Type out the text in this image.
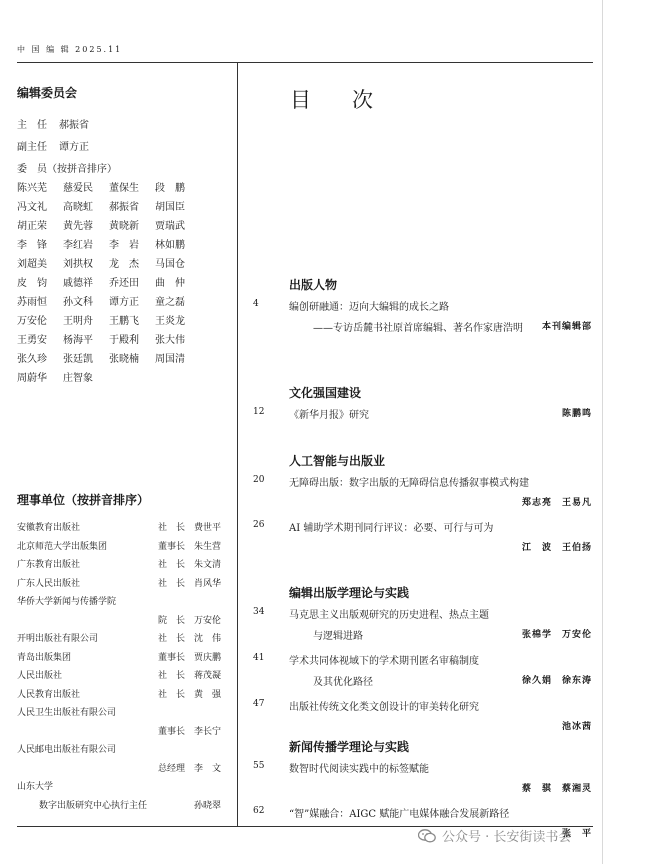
中 国 编 辑 2025.11
编辑委员会
主　任	郝振省
副主任	谭方正
委　员（按拼音排序）
陈兴芜	慈爱民	董保生	段　鹏
冯文礼	高晓虹	郝振省	胡国臣
胡正荣	黄先蓉	黄晓新	贾瑞武
李　锋	李红岩	李　岩	林如鹏
刘超美	刘拱权	龙　杰	马国仓
皮　钧	戚德祥	乔还田	曲　仲
苏雨恒	孙文科	谭方正	童之磊
万安伦	王明舟	王鹏飞	王炎龙
王勇安	杨海平	于殿利	张大伟
张久珍	张廷凯	张晓楠	周国清
周蔚华	庄智象
理事单位（按拼音排序）
安徽教育出版社	社　长 费世平
北京师范大学出版集团	董事长 朱生营
广东教育出版社	社　长 朱文清
广东人民出版社	社　长 肖风华
华侨大学新闻与传播学院
院　长 万安伦
开明出版社有限公司	社　长 沈　伟
青岛出版集团	董事长 贾庆鹏
人民出版社	社　长 蒋茂凝
人民教育出版社	社　长 黄　强
人民卫生出版社有限公司
董事长 李长宁
人民邮电出版社有限公司
总经理 李　文
山东大学
数字出版研究中心执行主任	孙晓翠
目　次
出版人物
4	编创研融通：迈向大编辑的成长之路
——专访岳麓书社原首席编辑、著名作家唐浩明 本刊编辑部
文化强国建设
12 《新华月报》研究	陈鹏鸣
人工智能与出版业
20 无障碍出版：数字出版的无障碍信息传播叙事模式构建
郑志亮　王易凡
26 AI 辅助学术期刊同行评议：必要、可行与可为
江　波　王伯扬
编辑出版学理论与实践
34 马克思主义出版观研究的历史进程、热点主题
与逻辑进路	张棉学　万安伦
41 学术共同体视域下的学术期刊匿名审稿制度
及其优化路径	徐久娟　徐东涛
47 出版社传统文化类文创设计的审美转化研究
池冰茜
新闻传播学理论与实践
55 数智时代阅读实践中的标签赋能
蔡　骐　蔡湘灵
62 “智”媒融合：AIGC 赋能广电媒体融合发展新路径
张　平
公众号 · 长安街读书会
